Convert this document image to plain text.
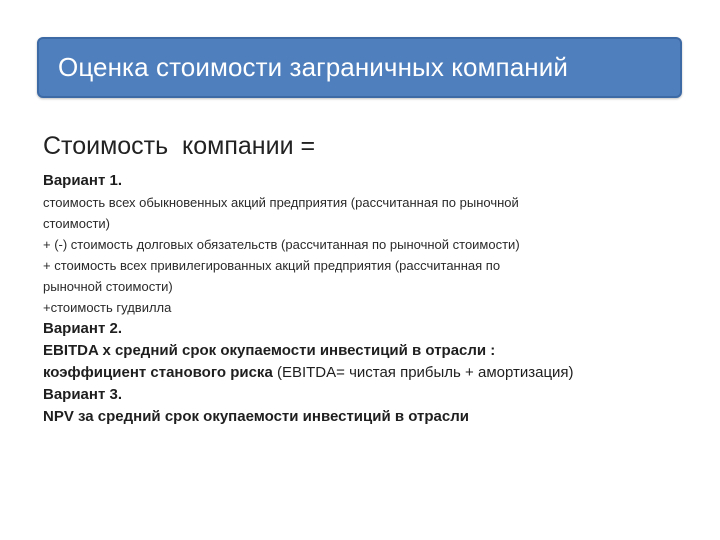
Оценка стоимости заграничных компаний

Стоимость  компании =

Вариант 1.

стоимость всех обыкновенных акций предприятия (рассчитанная по рыночной

стоимости)

+ (-) стоимость долговых обязательств (рассчитанная по рыночной стоимости)

+ стоимость всех привилегированных акций предприятия (рассчитанная по

рыночной стоимости)

+стоимость гудвилла

Вариант 2.

EBITDA х средний срок окупаемости инвестиций в отрасли :

коэффициент станового риска (EBITDA= чистая прибыль + амортизация)

Вариант 3.

NPV за средний срок окупаемости инвестиций в отрасли
